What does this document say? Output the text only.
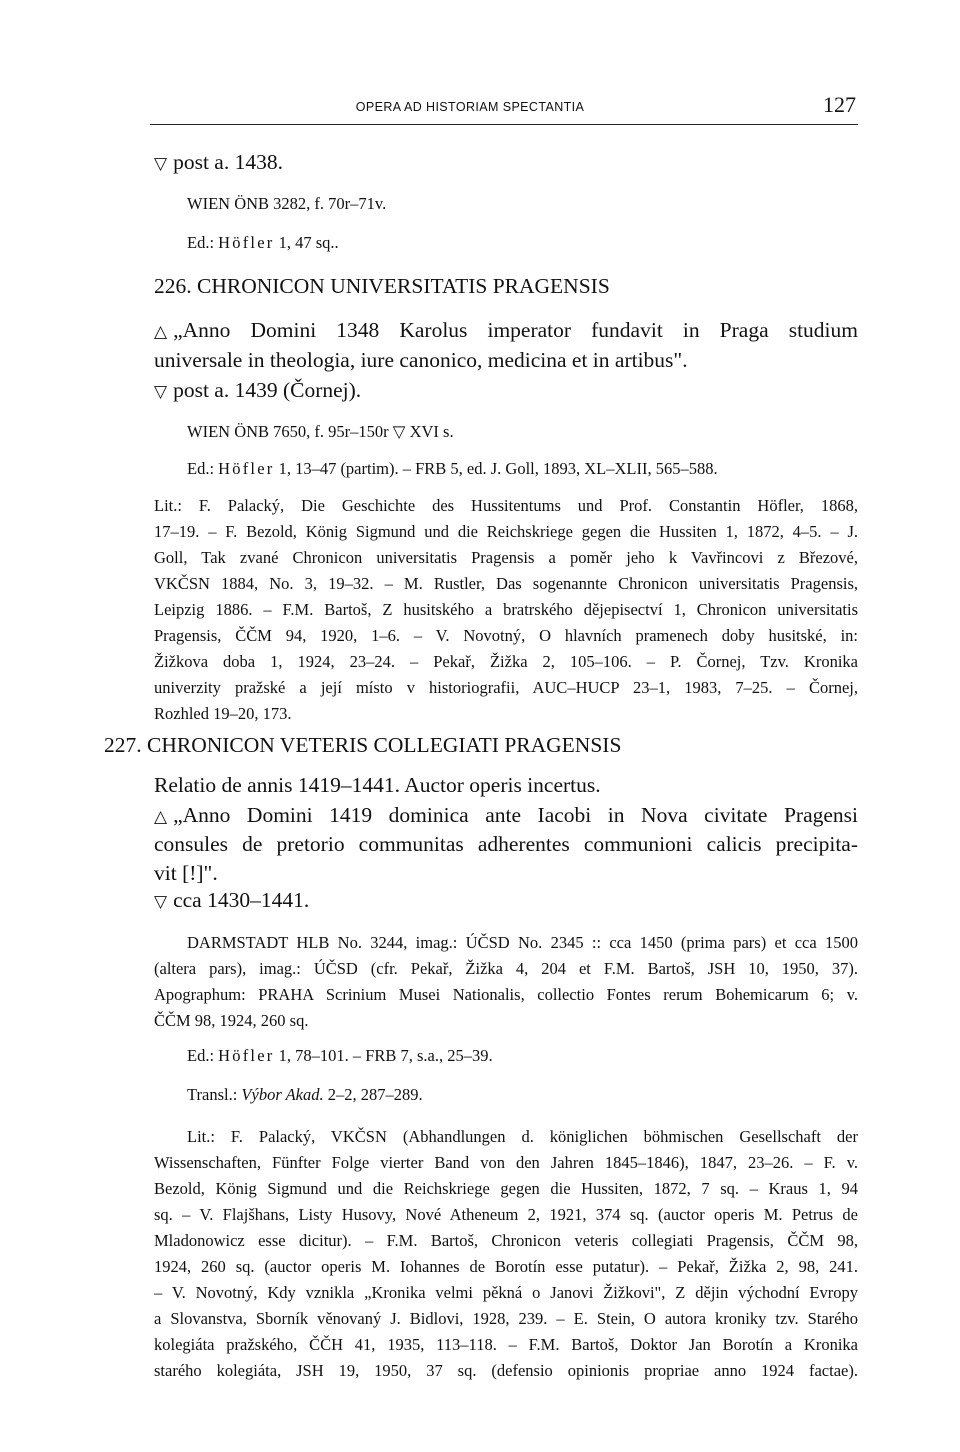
OPERA AD HISTORIAM SPECTANTIA	127
▽ post a. 1438.
WIEN ÖNB 3282, f. 70r–71v.
Ed.: Höfler 1, 47 sq..
226. CHRONICON UNIVERSITATIS PRAGENSIS
△ „Anno Domini 1348 Karolus imperator fundavit in Praga studium
universale in theologia, iure canonico, medicina et in artibus".
▽ post a. 1439 (Čornej).
WIEN ÖNB 7650, f. 95r–150r ▽ XVI s.
Ed.: Höfler 1, 13–47 (partim). – FRB 5, ed. J. Goll, 1893, XL–XLII, 565–588.
Lit.: F. Palacký, Die Geschichte des Hussitentums und Prof. Constantin Höfler, 1868,
17–19. – F. Bezold, König Sigmund und die Reichskriege gegen die Hussiten 1, 1872, 4–5. – J.
Goll, Tak zvané Chronicon universitatis Pragensis a poměr jeho k Vavřincovi z Březové,
VKČSN 1884, No. 3, 19–32. – M. Rustler, Das sogenannte Chronicon universitatis Pragensis,
Leipzig 1886. – F.M. Bartoš, Z husitského a bratrského dějepisectví 1, Chronicon universitatis
Pragensis, ČČM 94, 1920, 1–6. – V. Novotný, O hlavních pramenech doby husitské, in:
Žižkova doba 1, 1924, 23–24. – Pekař, Žižka 2, 105–106. – P. Čornej, Tzv. Kronika
univerzity pražské a její místo v historiografii, AUC–HUCP 23–1, 1983, 7–25. – Čornej,
Rozhled 19–20, 173.
227. CHRONICON VETERIS COLLEGIATI PRAGENSIS
Relatio de annis 1419–1441. Auctor operis incertus.
△ „Anno Domini 1419 dominica ante Iacobi in Nova civitate Pragensi
consules de pretorio communitas adherentes communioni calicis precipita-
vit [!]".
▽ cca 1430–1441.
DARMSTADT HLB No. 3244, imag.: ÚČSD No. 2345 :: cca 1450 (prima pars) et cca 1500
(altera pars), imag.: ÚČSD (cfr. Pekař, Žižka 4, 204 et F.M. Bartoš, JSH 10, 1950, 37).
Apographum: PRAHA Scrinium Musei Nationalis, collectio Fontes rerum Bohemicarum 6; v.
ČČM 98, 1924, 260 sq.
Ed.: Höfler 1, 78–101. – FRB 7, s.a., 25–39.
Transl.: Výbor Akad. 2–2, 287–289.
Lit.: F. Palacký, VKČSN (Abhandlungen d. königlichen böhmischen Gesellschaft der
Wissenschaften, Fünfter Folge vierter Band von den Jahren 1845–1846), 1847, 23–26. – F. v.
Bezold, König Sigmund und die Reichskriege gegen die Hussiten, 1872, 7 sq. – Kraus 1, 94
sq. – V. Flajšhans, Listy Husovy, Nové Atheneum 2, 1921, 374 sq. (auctor operis M. Petrus de
Mladonowicz esse dicitur). – F.M. Bartoš, Chronicon veteris collegiati Pragensis, ČČM 98,
1924, 260 sq. (auctor operis M. Iohannes de Borotín esse putatur). – Pekař, Žižka 2, 98, 241.
– V. Novotný, Kdy vznikla „Kronika velmi pěkná o Janovi Žižkovi", Z dějin východní Evropy
a Slovanstva, Sborník věnovaný J. Bidlovi, 1928, 239. – E. Stein, O autora kroniky tzv. Starého
kolegiáta pražského, ČČH 41, 1935, 113–118. – F.M. Bartoš, Doktor Jan Borotín a Kronika
starého kolegiáta, JSH 19, 1950, 37 sq. (defensio opinionis propriae anno 1924 factae).
